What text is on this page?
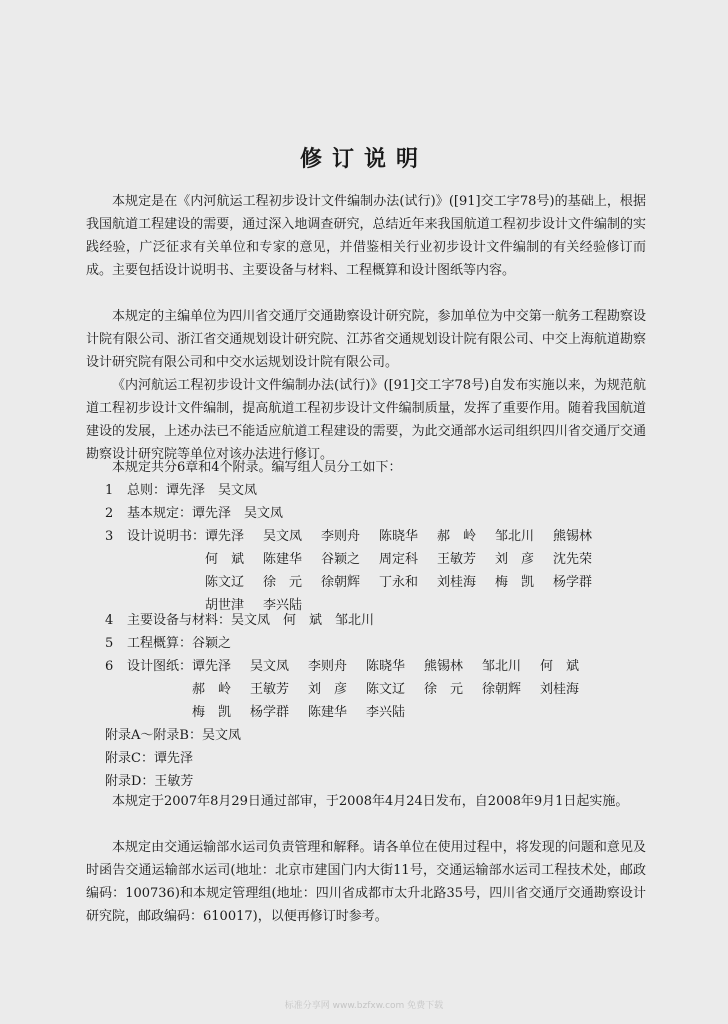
修订说明

本规定是在《内河航运工程初步设计文件编制办法(试行)》([91]交工字78号)的基础上，根据我国航道工程建设的需要，通过深入地调查研究，总结近年来我国航道工程初步设计文件编制的实践经验，广泛征求有关单位和专家的意见，并借鉴相关行业初步设计文件编制的有关经验修订而成。主要包括设计说明书、主要设备与材料、工程概算和设计图纸等内容。

本规定的主编单位为四川省交通厅交通勘察设计研究院，参加单位为中交第一航务工程勘察设计院有限公司、浙江省交通规划设计研究院、江苏省交通规划设计院有限公司、中交上海航道勘察设计研究院有限公司和中交水运规划设计院有限公司。

《内河航运工程初步设计文件编制办法(试行)》([91]交工字78号)自发布实施以来，为规范航道工程初步设计文件编制，提高航道工程初步设计文件编制质量，发挥了重要作用。随着我国航道建设的发展，上述办法已不能适应航道工程建设的需要，为此交通部水运司组织四川省交通厅交通勘察设计研究院等单位对该办法进行修订。

本规定共分6章和4个附录。编写组人员分工如下：
1 总则：谭先泽　吴文凤
2 基本规定：谭先泽　吴文凤
3 设计说明书： 谭先泽 吴文凤 李则舟 陈晓华 郝　岭 邹北川 熊锡林
何　斌 陈建华 谷颖之 周定科 王敏芳 刘　彦 沈先荣
陈文辽 徐　元 徐朝辉 丁永和 刘桂海 梅　凯 杨学群
胡世津 李兴陆
4 主要设备与材料：吴文凤　何　斌　邹北川
5 工程概算：谷颖之
6 设计图纸： 谭先泽 吴文凤 李则舟 陈晓华 熊锡林 邹北川 何　斌
郝　岭 王敏芳 刘　彦 陈文辽 徐　元 徐朝辉 刘桂海
梅　凯 杨学群 陈建华 李兴陆
附录A～附录B：吴文凤
附录C：谭先泽
附录D：王敏芳

本规定于2007年8月29日通过部审，于2008年4月24日发布，自2008年9月1日起实施。

本规定由交通运输部水运司负责管理和解释。请各单位在使用过程中，将发现的问题和意见及时函告交通运输部水运司(地址：北京市建国门内大街11号，交通运输部水运司工程技术处，邮政编码：100736)和本规定管理组(地址：四川省成都市太升北路35号，四川省交通厅交通勘察设计研究院，邮政编码：610017)，以便再修订时参考。

标准分享网 www.bzfxw.com 免费下载
